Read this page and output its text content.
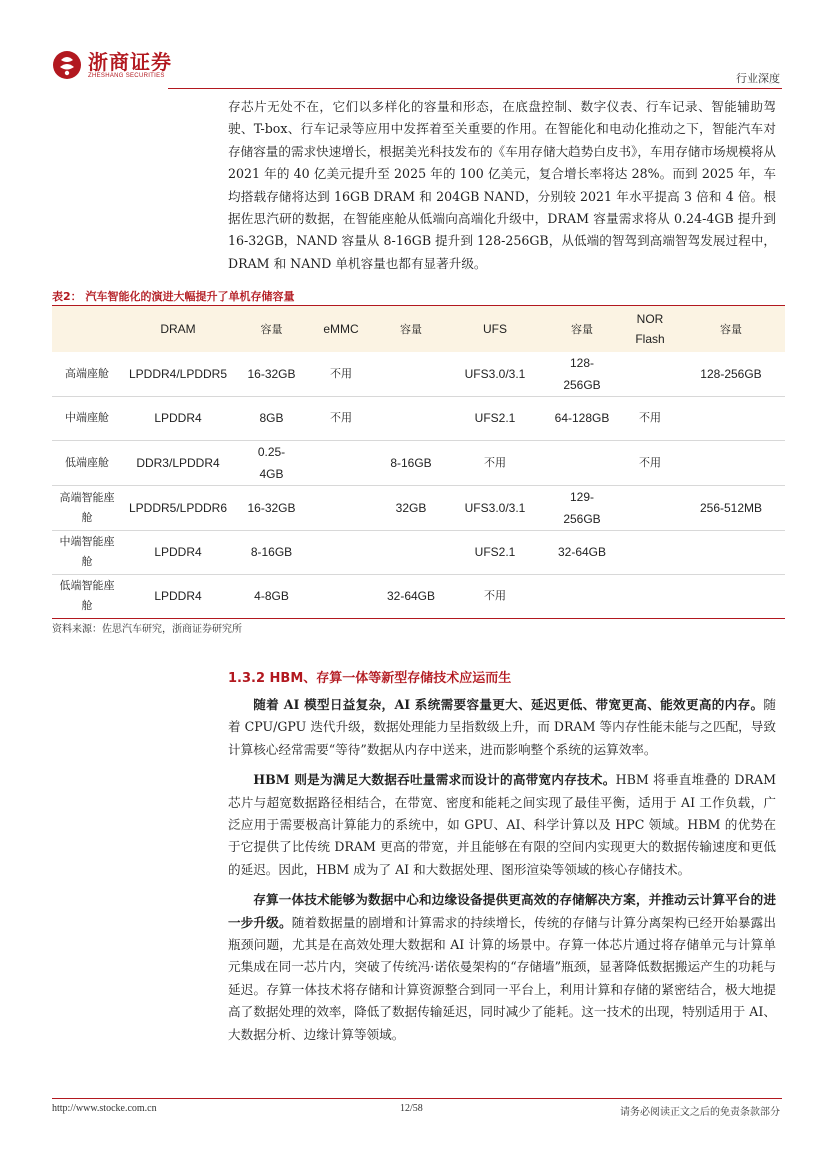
浙商证券
ZHESHANG SECURITIES	行业深度

存芯片无处不在，它们以多样化的容量和形态，在底盘控制、数字仪表、行车记录、智能辅助驾驶、T-box、行车记录等应用中发挥着至关重要的作用。在智能化和电动化推动之下，智能汽车对存储容量的需求快速增长，根据美光科技发布的《车用存储大趋势白皮书》，车用存储市场规模将从 2021 年的 40 亿美元提升至 2025 年的 100 亿美元，复合增长率将达 28%。而到 2025 年，车均搭载存储将达到 16GB DRAM 和 204GB NAND，分别较 2021 年水平提高 3 倍和 4 倍。根据佐思汽研的数据，在智能座舱从低端向高端化升级中，DRAM 容量需求将从 0.24-4GB 提升到 16-32GB，NAND 容量从 8-16GB 提升到 128-256GB，从低端的智驾到高端智驾发展过程中，DRAM 和 NAND 单机容量也都有显著升级。

表2： 汽车智能化的演进大幅提升了单机存储容量
	DRAM	容量	eMMC	容量	UFS	容量	NOR Flash	容量
高端座舱	LPDDR4/LPDDR5	16-32GB	不用		UFS3.0/3.1	128-256GB		128-256GB
中端座舱	LPDDR4	8GB	不用		UFS2.1	64-128GB	不用	
低端座舱	DDR3/LPDDR4	0.25-4GB		8-16GB	不用		不用	
高端智能座舱	LPDDR5/LPDDR6	16-32GB		32GB	UFS3.0/3.1	129-256GB		256-512MB
中端智能座舱	LPDDR4	8-16GB			UFS2.1	32-64GB		
低端智能座舱	LPDDR4	4-8GB		32-64GB	不用			
资料来源：佐思汽车研究，浙商证券研究所
1.3.2 HBM、存算一体等新型存储技术应运而生

随着 AI 模型日益复杂，AI 系统需要容量更大、延迟更低、带宽更高、能效更高的内存。随着 CPU/GPU 迭代升级，数据处理能力呈指数级上升，而 DRAM 等内存性能未能与之匹配，导致计算核心经常需要“等待”数据从内存中送来，进而影响整个系统的运算效率。

HBM 则是为满足大数据吞吐量需求而设计的高带宽内存技术。HBM 将垂直堆叠的 DRAM 芯片与超宽数据路径相结合，在带宽、密度和能耗之间实现了最佳平衡，适用于 AI 工作负载，广泛应用于需要极高计算能力的系统中，如 GPU、AI、科学计算以及 HPC 领域。HBM 的优势在于它提供了比传统 DRAM 更高的带宽，并且能够在有限的空间内实现更大的数据传输速度和更低的延迟。因此，HBM 成为了 AI 和大数据处理、图形渲染等领域的核心存储技术。

存算一体技术能够为数据中心和边缘设备提供更高效的存储解决方案，并推动云计算平台的进一步升级。随着数据量的剧增和计算需求的持续增长，传统的存储与计算分离架构已经开始暴露出瓶颈问题，尤其是在高效处理大数据和 AI 计算的场景中。存算一体芯片通过将存储单元与计算单元集成在同一芯片内，突破了传统冯·诺依曼架构的“存储墙”瓶颈，显著降低数据搬运产生的功耗与延迟。存算一体技术将存储和计算资源整合到同一平台上，利用计算和存储的紧密结合，极大地提高了数据处理的效率，降低了数据传输延迟，同时减少了能耗。这一技术的出现，特别适用于 AI、大数据分析、边缘计算等领域。

http://www.stocke.com.cn	12/58	请务必阅读正文之后的免责条款部分
